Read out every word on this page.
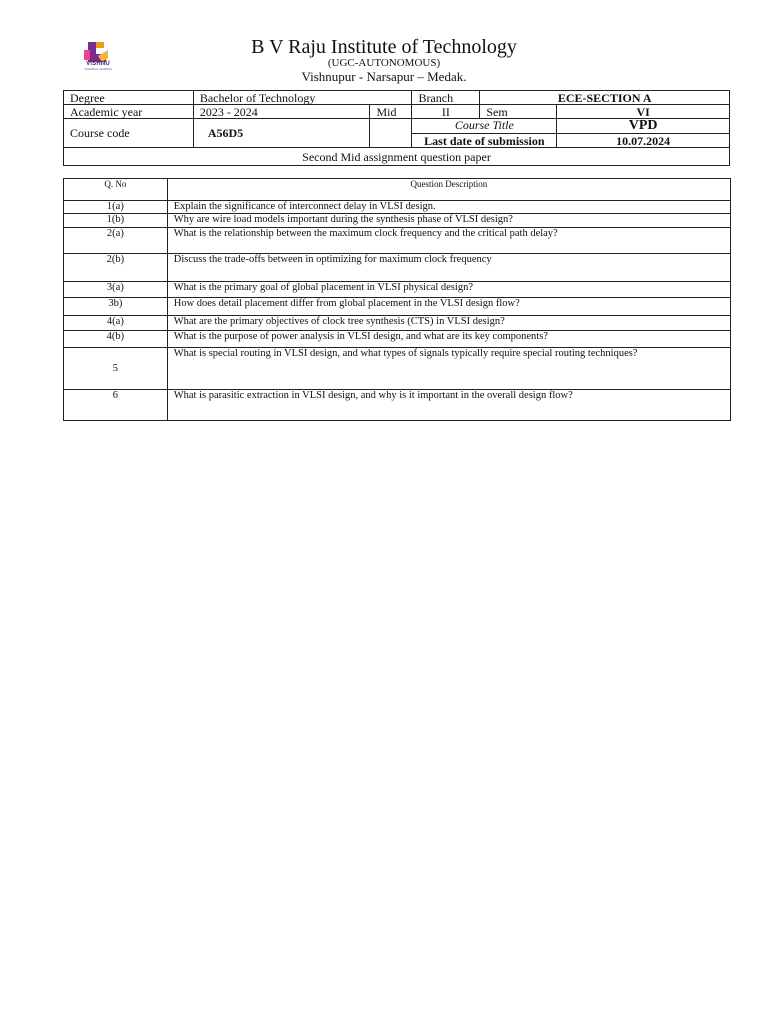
VISHNU
UNIVERSAL LEARNING
B V Raju Institute of Technology
(UGC-AUTONOMOUS)
Vishnupur - Narsapur – Medak.
Degree	Bachelor of Technology		Branch	ECE-SECTION A	
Academic year	2023 - 2024	Mid	II	Sem	VI
Course code	A56D5		Course Title		VPD
			Last date of submission		10.07.2024
Second Mid assignment question paper					
Q. No	Question Description
1(a)	Explain the significance of interconnect delay in VLSI design.
1(b)	Why are wire load models important during the synthesis phase of VLSI design?
2(a)	What is the relationship between the maximum clock frequency and the critical path delay?
2(b)	Discuss the trade-offs between in optimizing for maximum clock frequency
3(a)	What is the primary goal of global placement in VLSI physical design?
3b)	How does detail placement differ from global placement in the VLSI design flow?
4(a)	What are the primary objectives of clock tree synthesis (CTS) in VLSI design?
4(b)	What is the purpose of power analysis in VLSI design, and what are its key components?
5	What is special routing in VLSI design, and what types of signals typically require special routing techniques?
6	What is parasitic extraction in VLSI design, and why is it important in the overall design flow?
